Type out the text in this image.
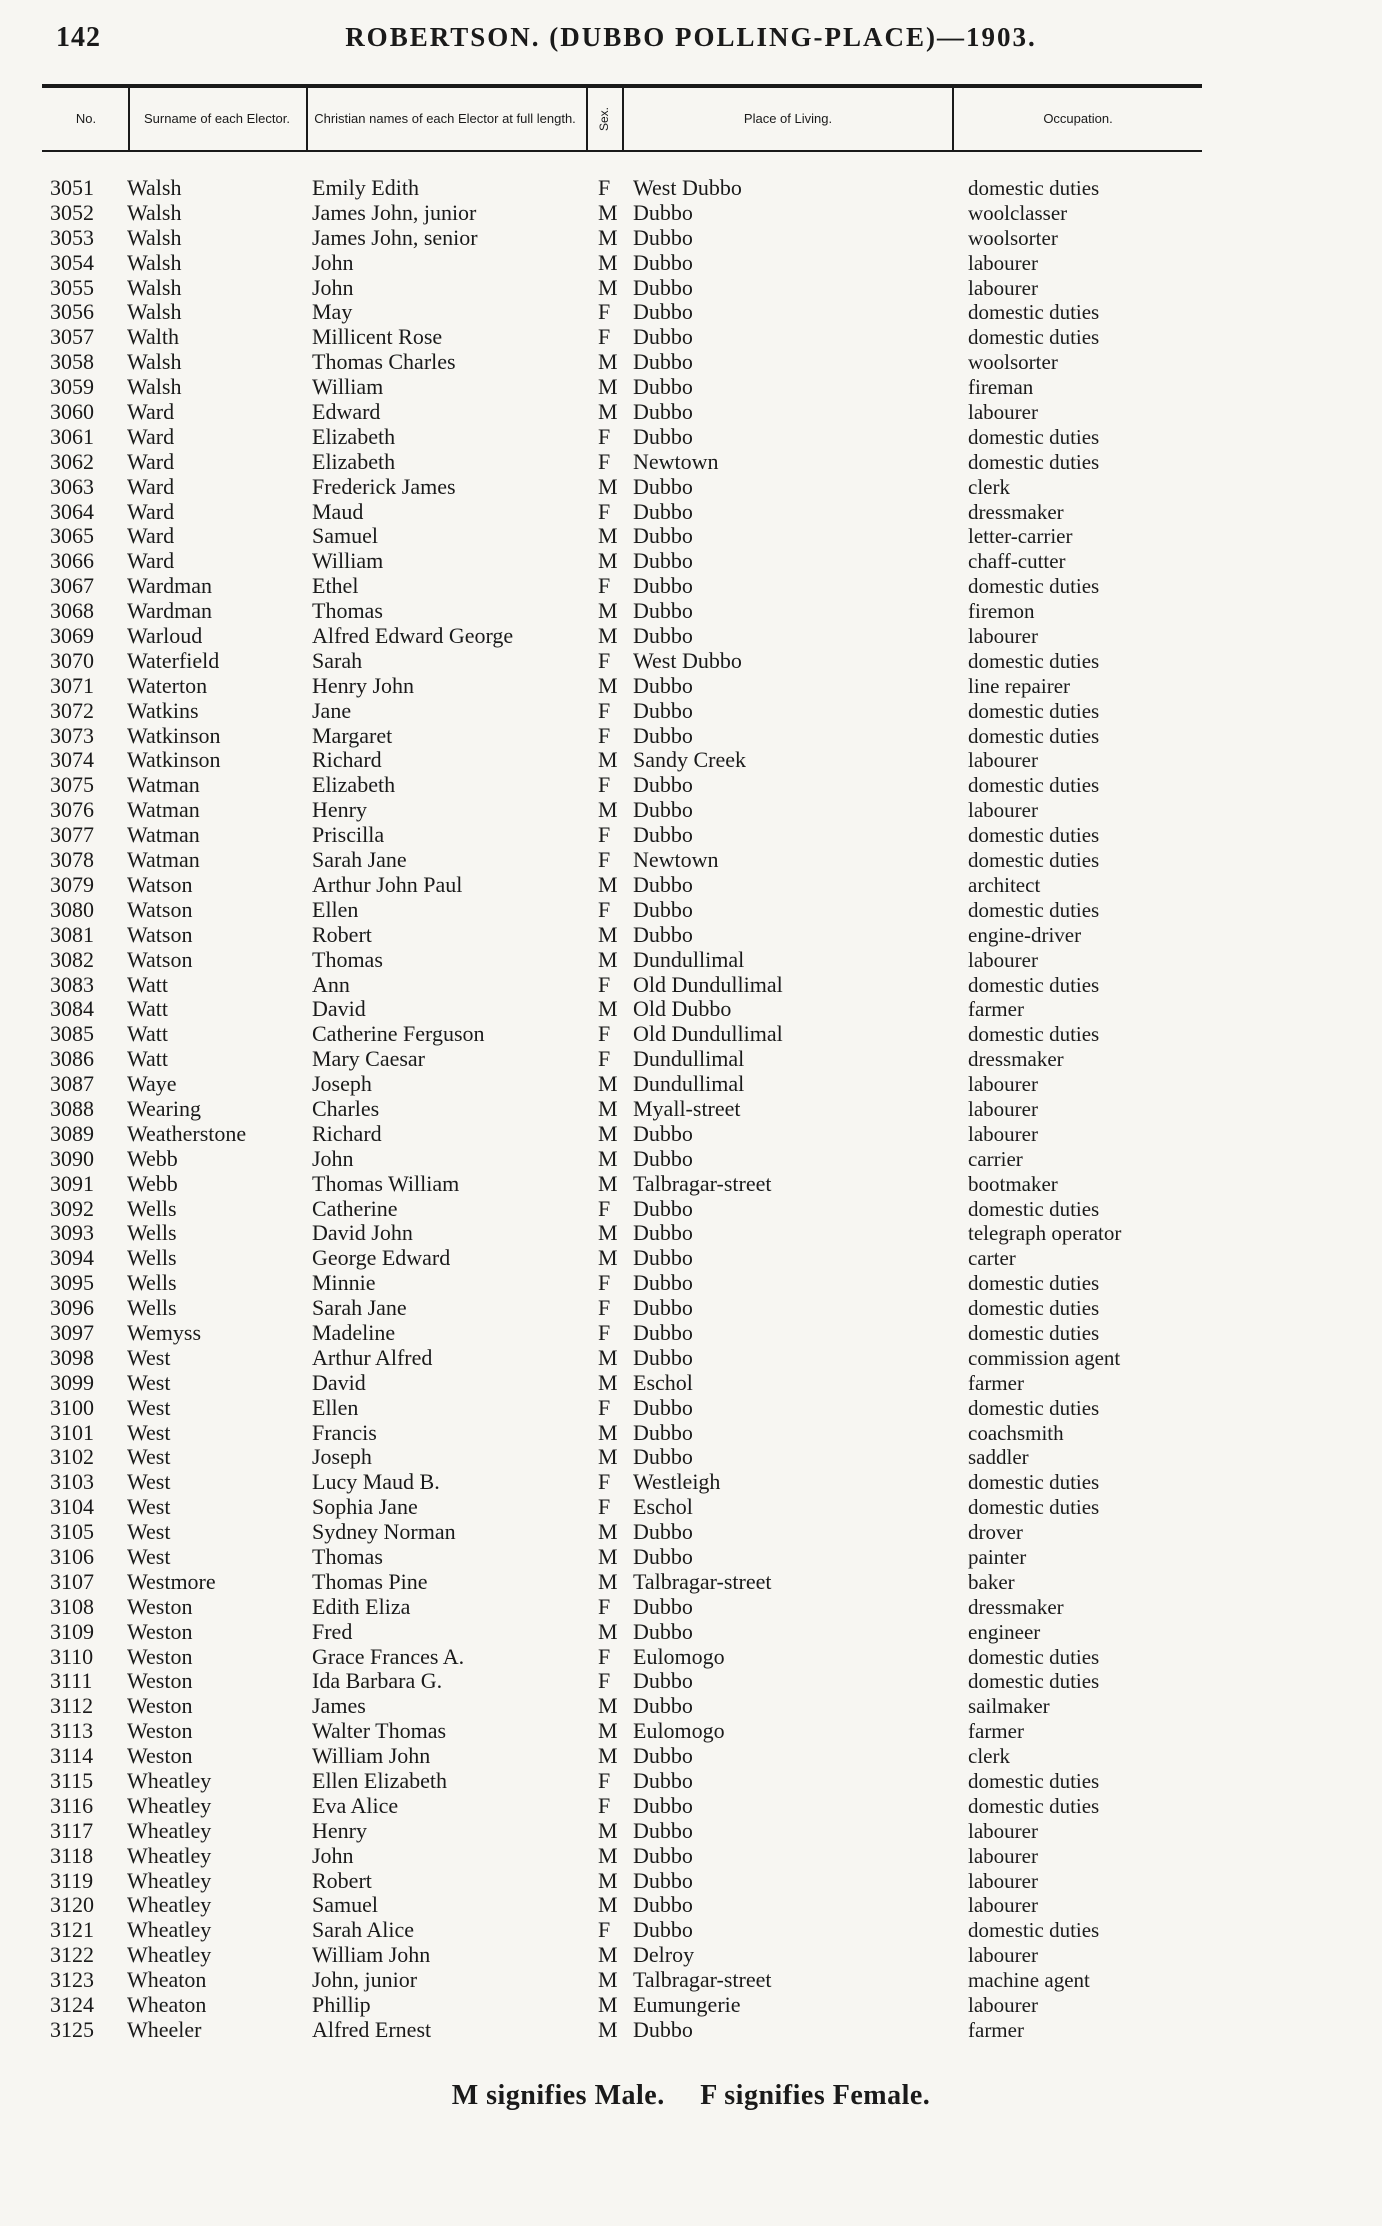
142	ROBERTSON. (DUBBO POLLING-PLACE)—1903.
No.	Surname of each Elector.	Christian names of each Elector at full length.	Sex.	Place of Living.	Occupation.
3051	Walsh	Emily Edith	F West Dubbo	domestic duties
3052	Walsh	James John, junior	M Dubbo	woolclasser
3053	Walsh	James John, senior	M Dubbo	woolsorter
3054	Walsh	John	M Dubbo	labourer
3055	Walsh	John	M Dubbo	labourer
3056	Walsh	May	F Dubbo	domestic duties
3057	Walth	Millicent Rose	F Dubbo	domestic duties
3058	Walsh	Thomas Charles	M Dubbo	woolsorter
3059	Walsh	William	M Dubbo	fireman
3060	Ward	Edward	M Dubbo	labourer
3061	Ward	Elizabeth	F Dubbo	domestic duties
3062	Ward	Elizabeth	F Newtown	domestic duties
3063	Ward	Frederick James	M Dubbo	clerk
3064	Ward	Maud	F Dubbo	dressmaker
3065	Ward	Samuel	M Dubbo	letter-carrier
3066	Ward	William	M Dubbo	chaff-cutter
3067	Wardman	Ethel	F Dubbo	domestic duties
3068	Wardman	Thomas	M Dubbo	firemon
3069	Warloud	Alfred Edward George	M Dubbo	labourer
3070	Waterfield	Sarah	F West Dubbo	domestic duties
3071	Waterton	Henry John	M Dubbo	line repairer
3072	Watkins	Jane	F Dubbo	domestic duties
3073	Watkinson	Margaret	F Dubbo	domestic duties
3074	Watkinson	Richard	M Sandy Creek	labourer
3075	Watman	Elizabeth	F Dubbo	domestic duties
3076	Watman	Henry	M Dubbo	labourer
3077	Watman	Priscilla	F Dubbo	domestic duties
3078	Watman	Sarah Jane	F Newtown	domestic duties
3079	Watson	Arthur John Paul	M Dubbo	architect
3080	Watson	Ellen	F Dubbo	domestic duties
3081	Watson	Robert	M Dubbo	engine-driver
3082	Watson	Thomas	M Dundullimal	labourer
3083	Watt	Ann	F Old Dundullimal	domestic duties
3084	Watt	David	M Old Dubbo	farmer
3085	Watt	Catherine Ferguson	F Old Dundullimal	domestic duties
3086	Watt	Mary Caesar	F Dundullimal	dressmaker
3087	Waye	Joseph	M Dundullimal	labourer
3088	Wearing	Charles	M Myall-street	labourer
3089	Weatherstone	Richard	M Dubbo	labourer
3090	Webb	John	M Dubbo	carrier
3091	Webb	Thomas William	M Talbragar-street	bootmaker
3092	Wells	Catherine	F Dubbo	domestic duties
3093	Wells	David John	M Dubbo	telegraph operator
3094	Wells	George Edward	M Dubbo	carter
3095	Wells	Minnie	F Dubbo	domestic duties
3096	Wells	Sarah Jane	F Dubbo	domestic duties
3097	Wemyss	Madeline	F Dubbo	domestic duties
3098	West	Arthur Alfred	M Dubbo	commission agent
3099	West	David	M Eschol	farmer
3100	West	Ellen	F Dubbo	domestic duties
3101	West	Francis	M Dubbo	coachsmith
3102	West	Joseph	M Dubbo	saddler
3103	West	Lucy Maud B.	F Westleigh	domestic duties
3104	West	Sophia Jane	F Eschol	domestic duties
3105	West	Sydney Norman	M Dubbo	drover
3106	West	Thomas	M Dubbo	painter
3107	Westmore	Thomas Pine	M Talbragar-street	baker
3108	Weston	Edith Eliza	F Dubbo	dressmaker
3109	Weston	Fred	M Dubbo	engineer
3110	Weston	Grace Frances A.	F Eulomogo	domestic duties
3111	Weston	Ida Barbara G.	F Dubbo	domestic duties
3112	Weston	James	M Dubbo	sailmaker
3113	Weston	Walter Thomas	M Eulomogo	farmer
3114	Weston	William John	M Dubbo	clerk
3115	Wheatley	Ellen Elizabeth	F Dubbo	domestic duties
3116	Wheatley	Eva Alice	F Dubbo	domestic duties
3117	Wheatley	Henry	M Dubbo	labourer
3118	Wheatley	John	M Dubbo	labourer
3119	Wheatley	Robert	M Dubbo	labourer
3120	Wheatley	Samuel	M Dubbo	labourer
3121	Wheatley	Sarah Alice	F Dubbo	domestic duties
3122	Wheatley	William John	M Delroy	labourer
3123	Wheaton	John, junior	M Talbragar-street	machine agent
3124	Wheaton	Phillip	M Eumungerie	labourer
3125	Wheeler	Alfred Ernest	M Dubbo	farmer
M signifies Male. F signifies Female.
